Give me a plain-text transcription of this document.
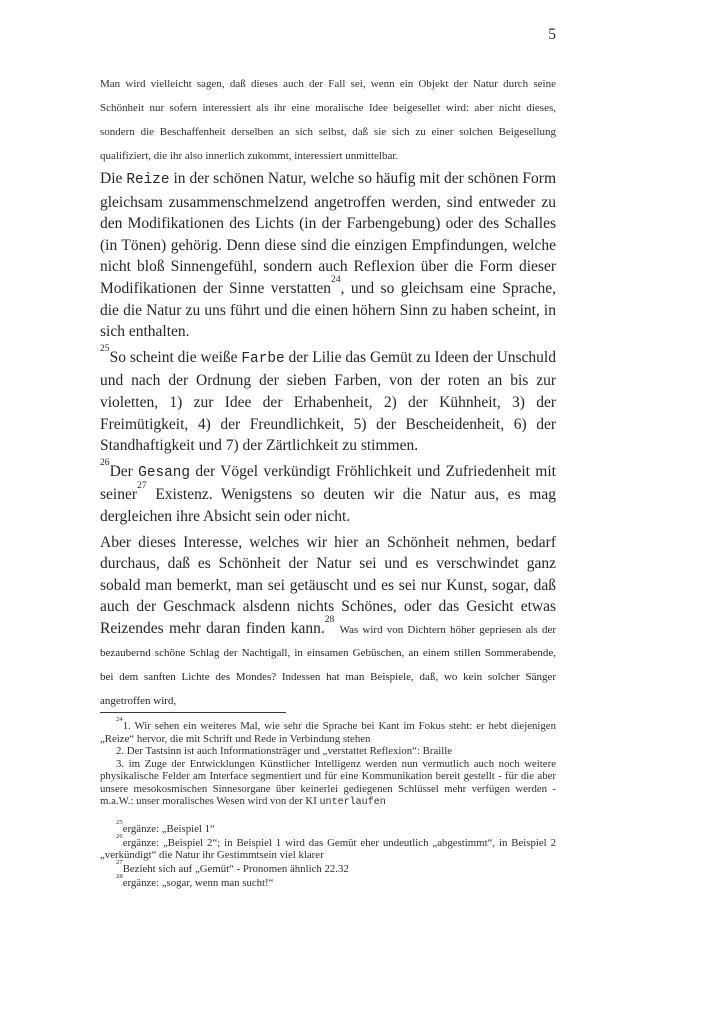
5
Man wird vielleicht sagen, daß dieses auch der Fall sei, wenn ein Objekt der Natur durch seine Schönheit nur sofern interessiert als ihr eine moralische Idee beigesellet wird: aber nicht dieses, sondern die Beschaffenheit derselben an sich selbst, daß sie sich zu einer solchen Beigesellung qualifiziert, die ihr also innerlich zukommt, interessiert unmittelbar.

Die Reize in der schönen Natur, welche so häufig mit der schönen Form gleichsam zusammenschmelzend angetroffen werden, sind entweder zu den Modifikationen des Lichts (in der Farbengebung) oder des Schalles (in Tönen) gehörig. Denn diese sind die einzigen Empfindungen, welche nicht bloß Sinnengefühl, sondern auch Reflexion über die Form dieser Modifikationen der Sinne verstatten$^{24}$, und so gleichsam eine Sprache, die die Natur zu uns führt und die einen höhern Sinn zu haben scheint, in sich enthalten.

$^{25}$So scheint die weiße Farbe der Lilie das Gemüt zu Ideen der Unschuld und nach der Ordnung der sieben Farben, von der roten an bis zur violetten, 1) zur Idee der Erhabenheit, 2) der Kühnheit, 3) der Freimütigkeit, 4) der Freundlichkeit, 5) der Bescheidenheit, 6) der Standhaftigkeit und 7) der Zärtlichkeit zu stimmen.

$^{26}$Der Gesang der Vögel verkündigt Fröhlichkeit und Zufriedenheit mit seiner$^{27}$ Existenz. Wenigstens so deuten wir die Natur aus, es mag dergleichen ihre Absicht sein oder nicht.

Aber dieses Interesse, welches wir hier an Schönheit nehmen, bedarf durchaus, daß es Schönheit der Natur sei und es verschwindet ganz sobald man bemerkt, man sei getäuscht und es sei nur Kunst, sogar, daß auch der Geschmack alsdenn nichts Schönes, oder das Gesicht etwas Reizendes mehr daran finden kann.$^{28}$ Was wird von Dichtern höher gepriesen als der bezaubernd schöne Schlag der Nachtigall, in einsamen Gebüschen, an einem stillen Sommerabende, bei dem sanften Lichte des Mondes? Indessen hat man Beispiele, daß, wo kein solcher Sänger angetroffen wird,

$^{24}$1. Wir sehen ein weiteres Mal, wie sehr die Sprache bei Kant im Fokus steht: er hebt diejenigen „Reize“ hervor, die mit Schrift und Rede in Verbindung stehen
2. Der Tastsinn ist auch Informationsträger und „verstattet Reflexion“: Braille
3. im Zuge der Entwicklungen Künstlicher Intelligenz werden nun vermutlich auch noch weitere physikalische Felder am Interface segmentiert und für eine Kommunikation bereit gestellt - für die aber unsere mesokosmischen Sinnesorgane über keinerlei gediegenen Schlüssel mehr verfügen werden - m.a.W.: unser moralisches Wesen wird von der KI unterlaufen
$^{25}$ergänze: „Beispiel 1“
$^{26}$ergänze: „Beispiel 2“; in Beispiel 1 wird das Gemüt eher undeutlich „abgestimmt“, in Beispiel 2 „verkündigt“ die Natur ihr Gestimmtsein viel klarer
$^{27}$Bezieht sich auf „Gemüt“ - Pronomen ähnlich 22.32
$^{28}$ergänze: „sogar, wenn man sucht!“
